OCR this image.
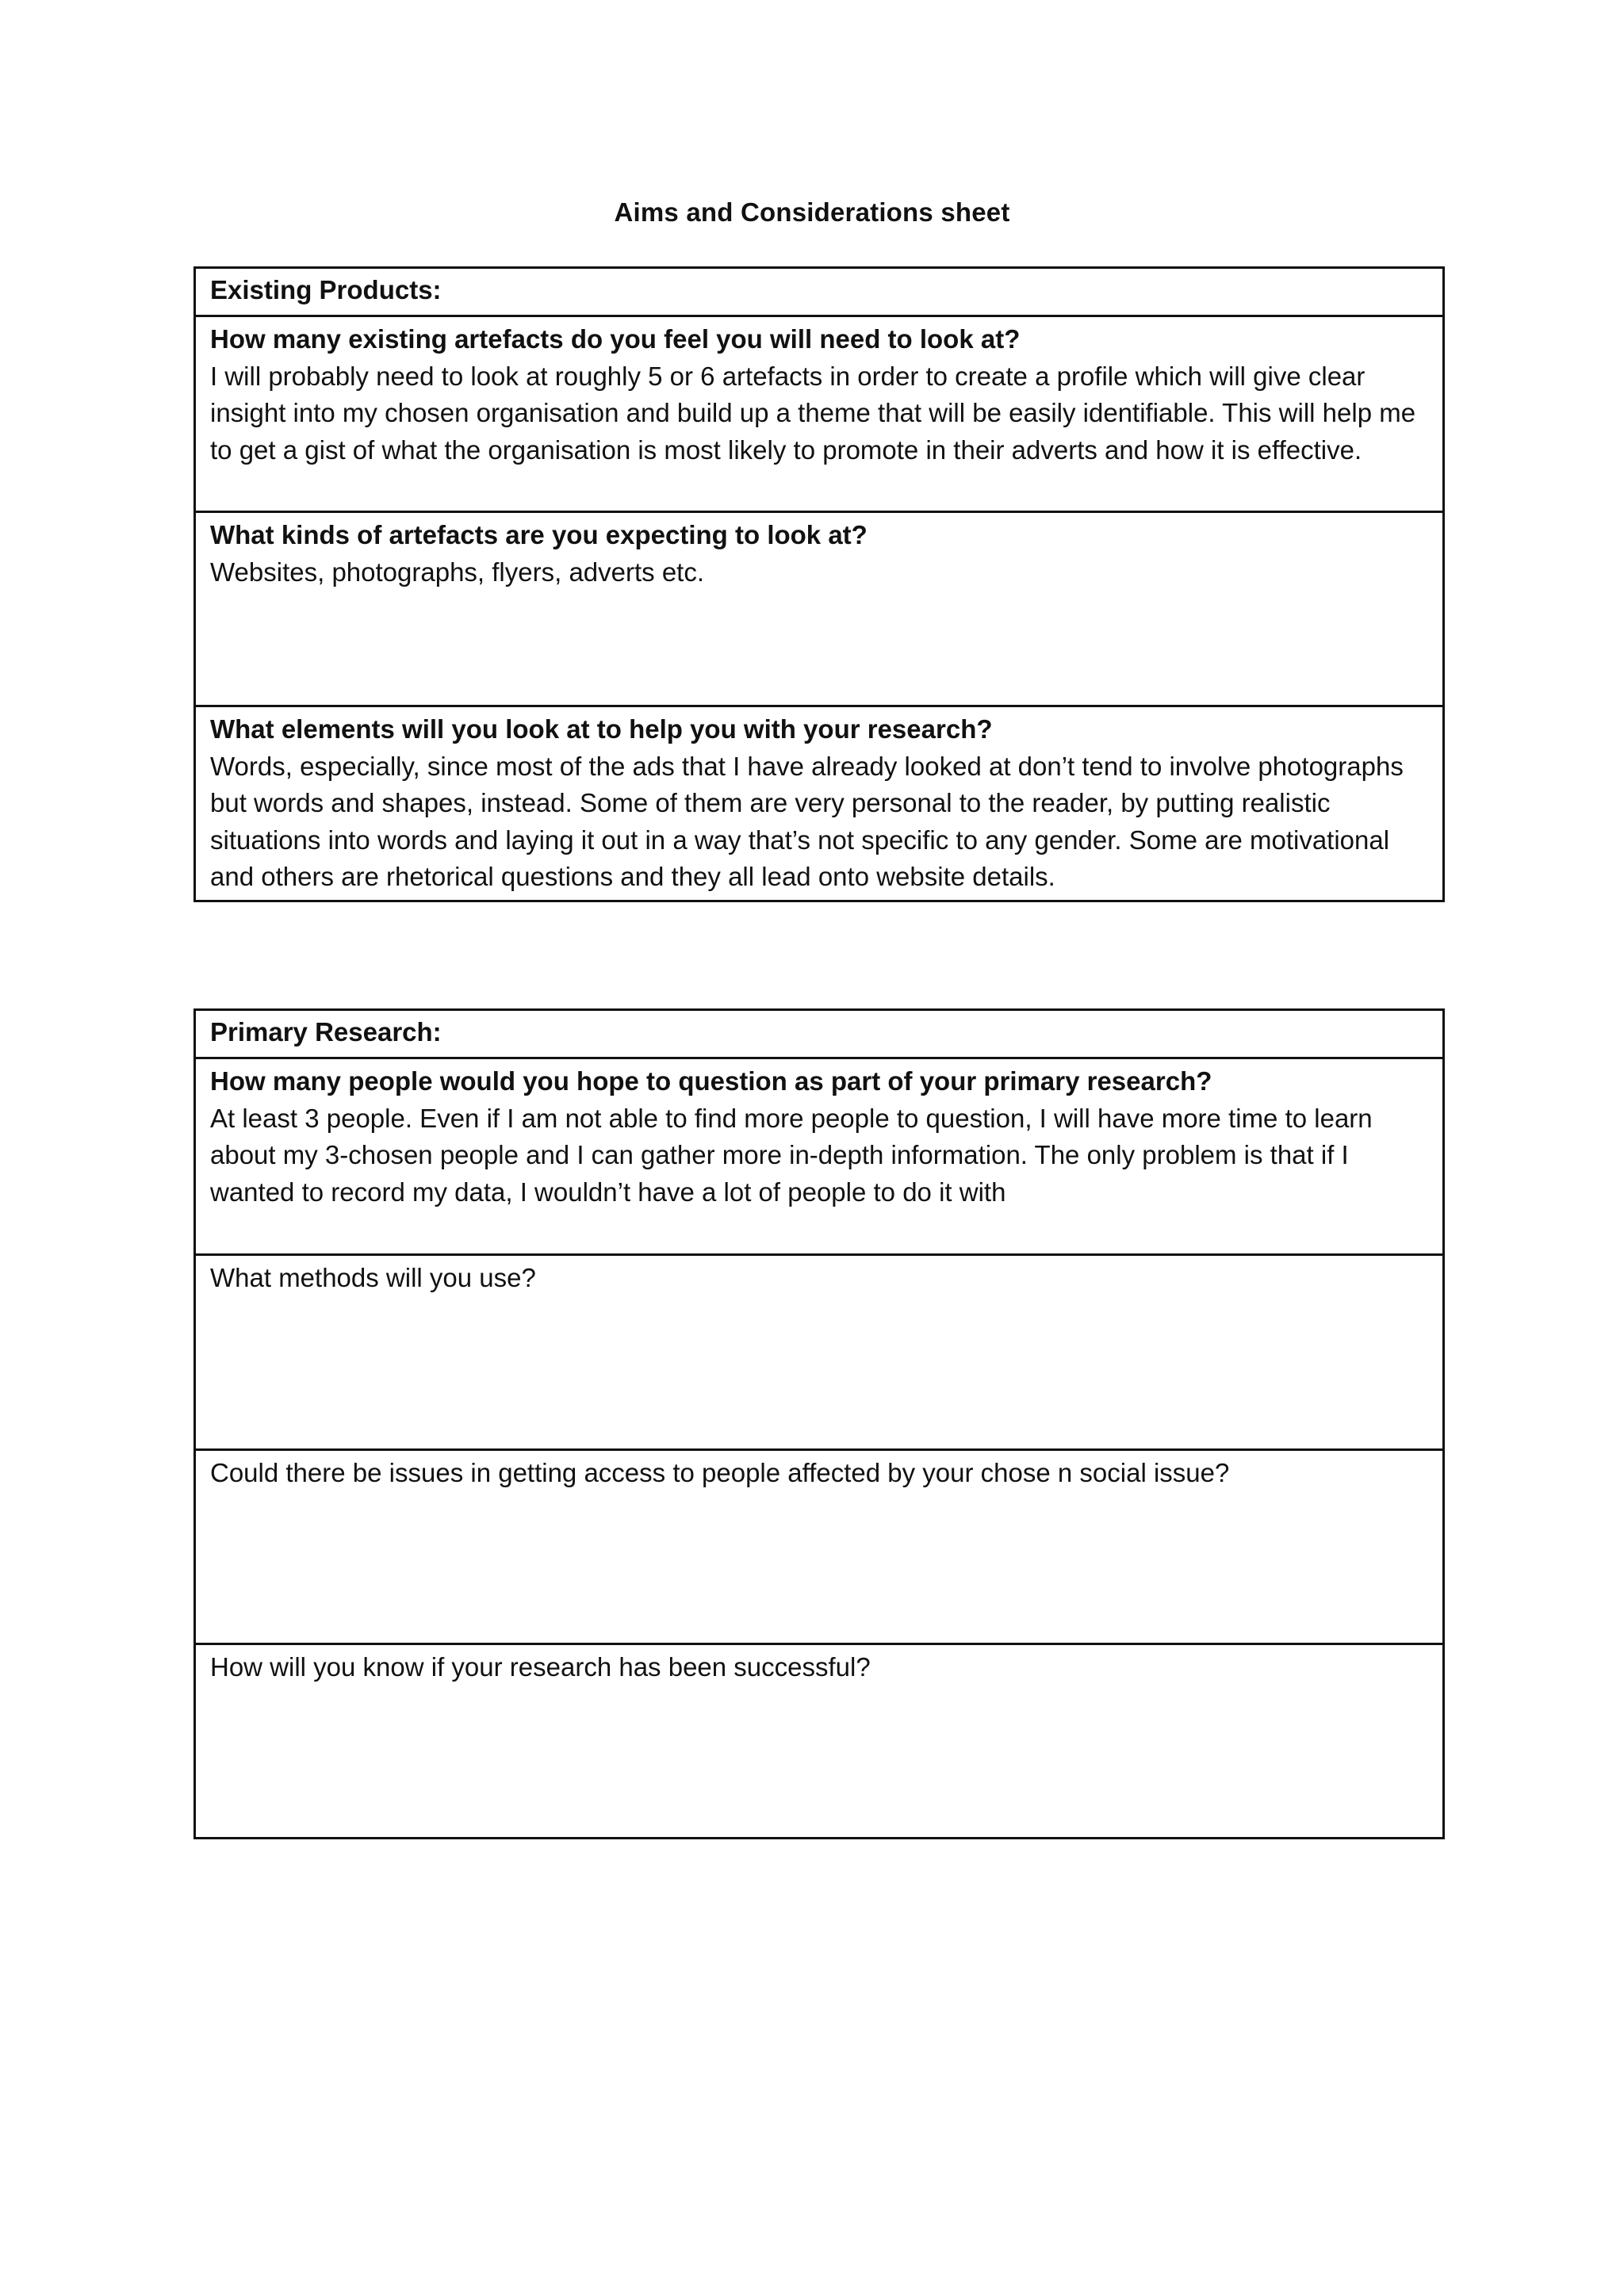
Aims and Considerations sheet
Existing Products:
How many existing artefacts do you feel you will need to look at?
I will probably need to look at roughly 5 or 6 artefacts in order to create a profile which will give clear insight into my chosen organisation and build up a theme that will be easily identifiable. This will help me to get a gist of what the organisation is most likely to promote in their adverts and how it is effective.
What kinds of artefacts are you expecting to look at?
Websites, photographs, flyers, adverts etc.
What elements will you look at to help you with your research?
Words, especially, since most of the ads that I have already looked at don’t tend to involve photographs but words and shapes, instead. Some of them are very personal to the reader, by putting realistic situations into words and laying it out in a way that’s not specific to any gender. Some are motivational and others are rhetorical questions and they all lead onto website details.
Primary Research:
How many people would you hope to question as part of your primary research?
At least 3 people. Even if I am not able to find more people to question, I will have more time to learn about my 3-chosen people and I can gather more in-depth information. The only problem is that if I wanted to record my data, I wouldn’t have a lot of people to do it with
What methods will you use?
Could there be issues in getting access to people affected by your chose n social issue?
How will you know if your research has been successful?
